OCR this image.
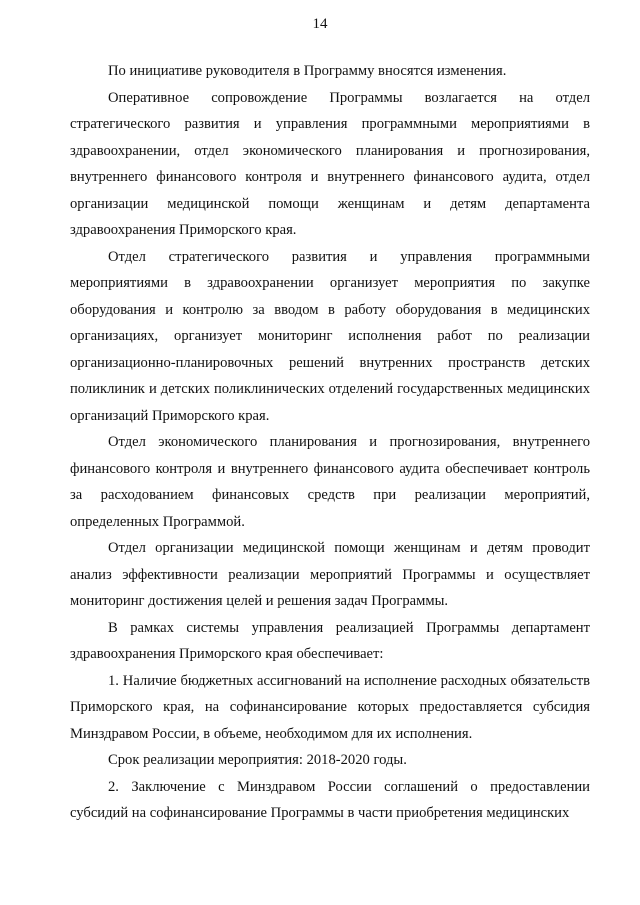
14

По инициативе руководителя в Программу вносятся изменения.

Оперативное сопровождение Программы возлагается на отдел стратегического развития и управления программными мероприятиями в здравоохранении, отдел экономического планирования и прогнозирования, внутреннего финансового контроля и внутреннего финансового аудита, отдел организации медицинской помощи женщинам и детям департамента здравоохранения Приморского края.

Отдел стратегического развития и управления программными мероприятиями в здравоохранении организует мероприятия по закупке оборудования и контролю за вводом в работу оборудования в медицинских организациях, организует мониторинг исполнения работ по реализации организационно-планировочных решений внутренних пространств детских поликлиник и детских поликлинических отделений государственных медицинских организаций Приморского края.

Отдел экономического планирования и прогнозирования, внутреннего финансового контроля и внутреннего финансового аудита обеспечивает контроль за расходованием финансовых средств при реализации мероприятий, определенных Программой.

Отдел организации медицинской помощи женщинам и детям проводит анализ эффективности реализации мероприятий Программы и осуществляет мониторинг достижения целей и решения задач Программы.

В рамках системы управления реализацией Программы департамент здравоохранения Приморского края обеспечивает:

1. Наличие бюджетных ассигнований на исполнение расходных обязательств Приморского края, на софинансирование которых предоставляется субсидия Минздравом России, в объеме, необходимом для их исполнения.

Срок реализации мероприятия: 2018-2020 годы.

2. Заключение с Минздравом России соглашений о предоставлении субсидий на софинансирование Программы в части приобретения медицинских
